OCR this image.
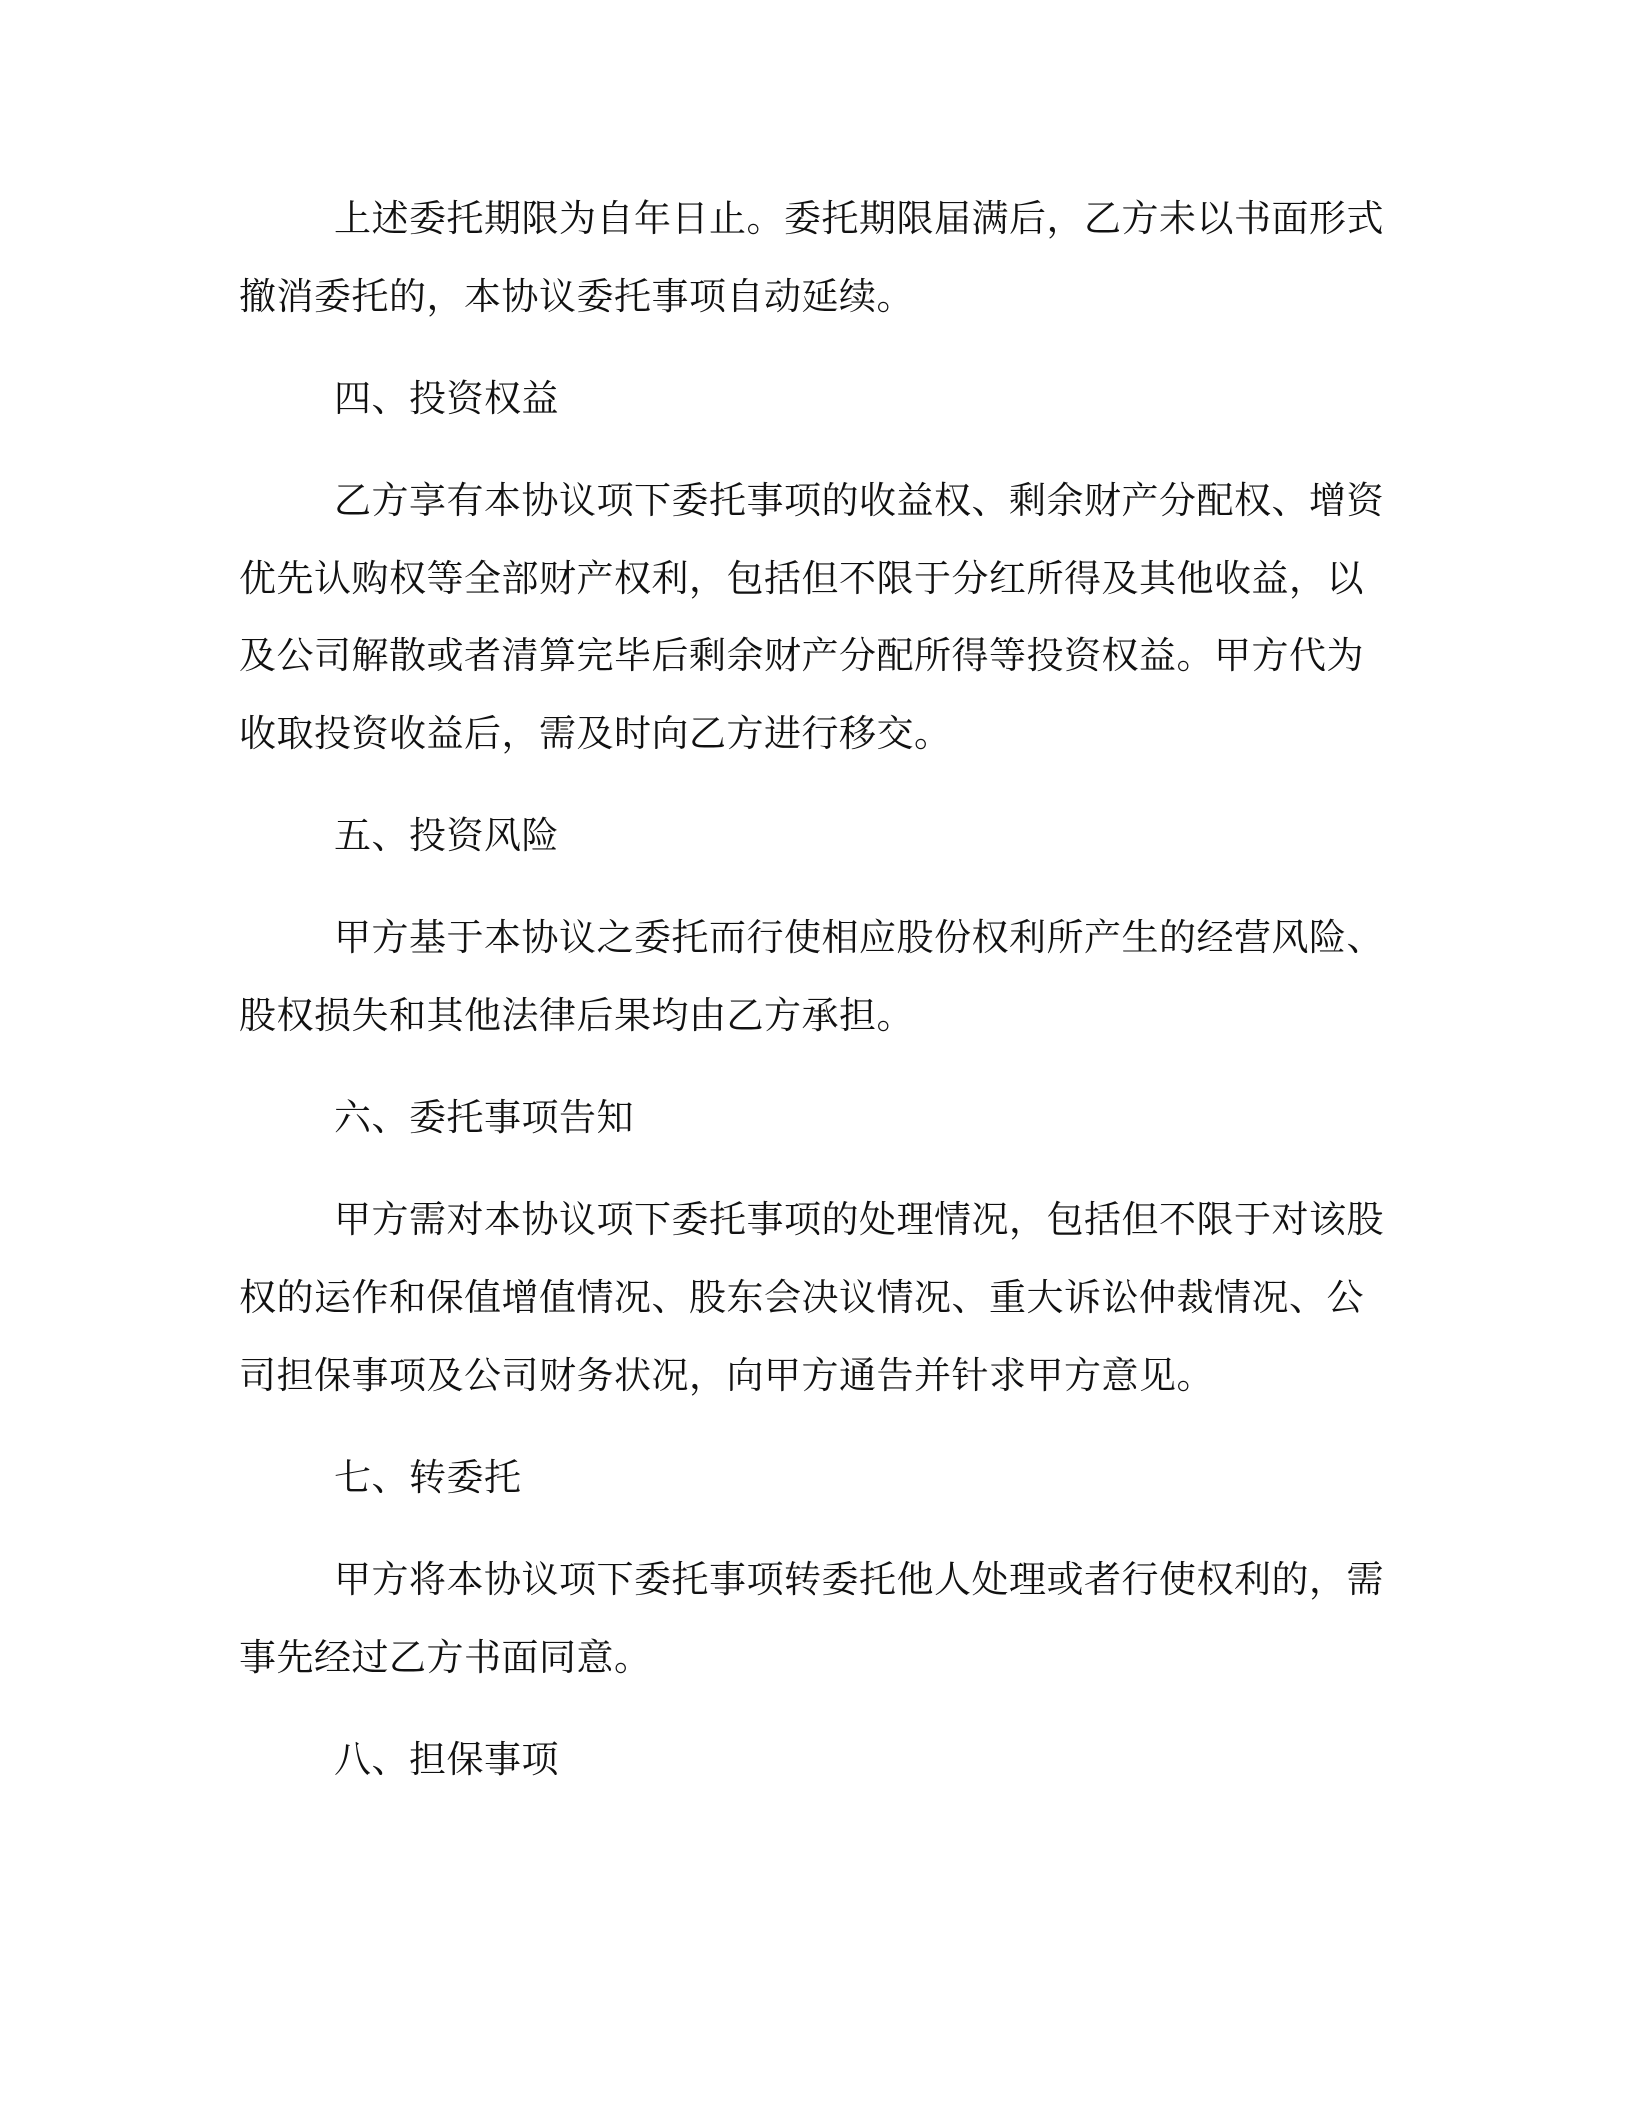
上述委托期限为自年日止。委托期限届满后，乙方未以书面形式
撤消委托的，本协议委托事项自动延续。
四、投资权益
乙方享有本协议项下委托事项的收益权、剩余财产分配权、增资
优先认购权等全部财产权利，包括但不限于分红所得及其他收益，以
及公司解散或者清算完毕后剩余财产分配所得等投资权益。甲方代为
收取投资收益后，需及时向乙方进行移交。
五、投资风险
甲方基于本协议之委托而行使相应股份权利所产生的经营风险、
股权损失和其他法律后果均由乙方承担。
六、委托事项告知
甲方需对本协议项下委托事项的处理情况，包括但不限于对该股
权的运作和保值增值情况、股东会决议情况、重大诉讼仲裁情况、公
司担保事项及公司财务状况，向甲方通告并针求甲方意见。
七、转委托
甲方将本协议项下委托事项转委托他人处理或者行使权利的，需
事先经过乙方书面同意。
八、担保事项
